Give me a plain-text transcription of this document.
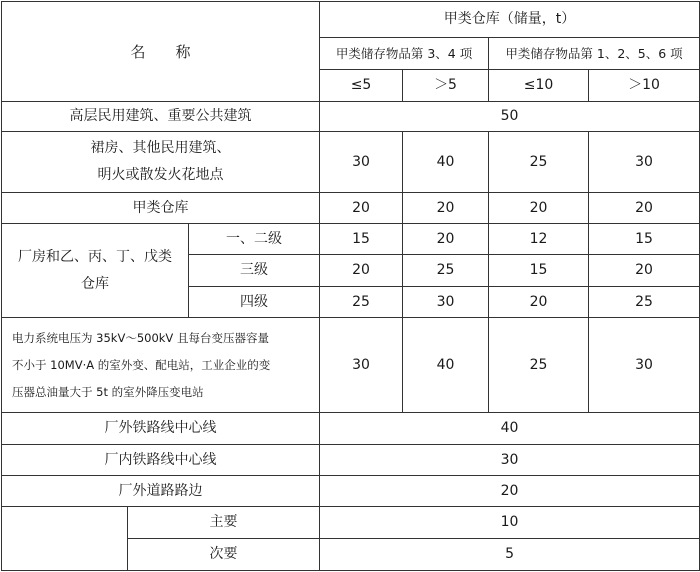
名　　称			甲类仓库（储量，t）			
			甲类储存物品第 3、4 项		甲类储存物品第 1、2、5、6 项	
			≤5	＞5	≤10	＞10
高层民用建筑、重要公共建筑			50			
裙房、其他民用建筑、
明火或散发火花地点			30	40	25	30
甲类仓库			20	20	20	20
厂房和乙、丙、丁、戊类
仓库		一、二级	15	20	12	15
		三级	20	25	15	20
		四级	25	30	20	25
电力系统电压为 35kV～500kV 且每台变压器容量
不小于 10MV·A 的室外变、配电站，工业企业的变
压器总油量大于 5t 的室外降压变电站			30	40	25	30
厂外铁路线中心线			40			
厂内铁路线中心线			30			
厂外道路路边			20			
	主要		10			
	次要		5			
